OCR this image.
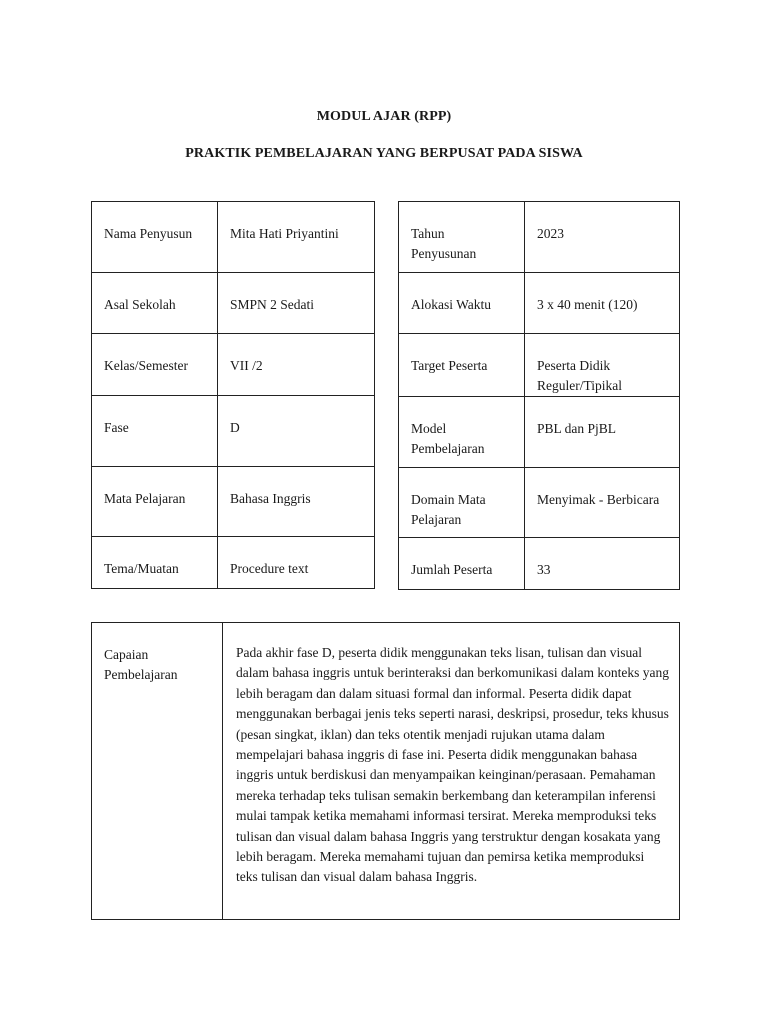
MODUL AJAR (RPP)
PRAKTIK PEMBELAJARAN YANG BERPUSAT PADA SISWA
Nama Penyusun	Mita Hati Priyantini
Asal Sekolah	SMPN 2 Sedati
Kelas/Semester	VII /2
Fase	D
Mata Pelajaran	Bahasa Inggris
Tema/Muatan	Procedure text
Tahun Penyusunan	2023
Alokasi Waktu	3 x 40 menit (120)
Target Peserta	Peserta Didik Reguler/Tipikal
Model Pembelajaran	PBL dan PjBL
Domain Mata Pelajaran	Menyimak - Berbicara
Jumlah Peserta	33
Capaian Pembelajaran	Pada akhir fase D, peserta didik menggunakan teks lisan, tulisan dan visual dalam bahasa inggris untuk berinteraksi dan berkomunikasi dalam konteks yang lebih beragam dan dalam situasi formal dan informal. Peserta didik dapat menggunakan berbagai jenis teks seperti narasi, deskripsi, prosedur, teks khusus (pesan singkat, iklan) dan teks otentik menjadi rujukan utama dalam mempelajari bahasa inggris di fase ini. Peserta didik menggunakan bahasa inggris untuk berdiskusi dan menyampaikan keinginan/perasaan. Pemahaman mereka terhadap teks tulisan semakin berkembang dan keterampilan inferensi mulai tampak ketika memahami informasi tersirat. Mereka memproduksi teks tulisan dan visual dalam bahasa Inggris yang terstruktur dengan kosakata yang lebih beragam. Mereka memahami tujuan dan pemirsa ketika memproduksi teks tulisan dan visual dalam bahasa Inggris.
